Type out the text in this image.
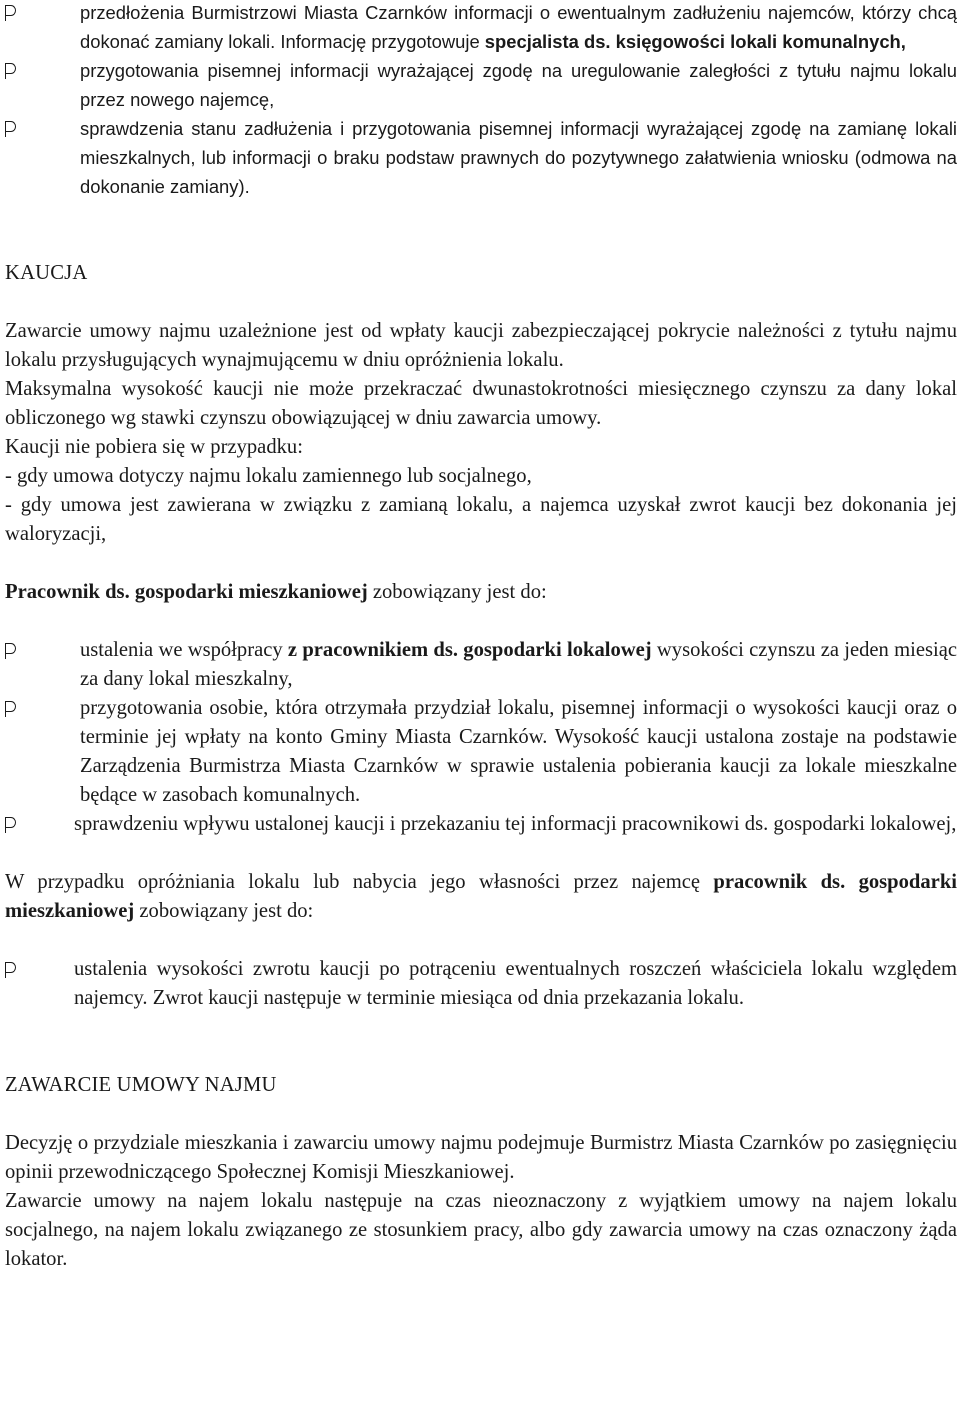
przedłożenia Burmistrzowi Miasta Czarnków informacji o ewentualnym zadłużeniu najemców, którzy chcą dokonać zamiany lokali. Informację przygotowuje specjalista ds. księgowości lokali komunalnych,
przygotowania pisemnej informacji wyrażającej zgodę na uregulowanie zaległości z tytułu najmu lokalu przez nowego najemcę,
sprawdzenia stanu zadłużenia i przygotowania pisemnej informacji wyrażającej zgodę na zamianę lokali mieszkalnych, lub informacji o braku podstaw prawnych do pozytywnego załatwienia wniosku (odmowa na dokonanie zamiany).

KAUCJA

Zawarcie umowy najmu uzależnione jest od wpłaty kaucji zabezpieczającej pokrycie należności z tytułu najmu lokalu przysługujących wynajmującemu w dniu opróżnienia lokalu.

Maksymalna wysokość kaucji nie może przekraczać dwunastokrotności miesięcznego czynszu za dany lokal obliczonego wg stawki czynszu obowiązującej w dniu zawarcia umowy.

Kaucji nie pobiera się w przypadku:

- gdy umowa dotyczy najmu lokalu zamiennego lub socjalnego,

- gdy umowa jest zawierana w związku z zamianą lokalu, a najemca uzyskał zwrot kaucji bez dokonania jej waloryzacji,

Pracownik ds. gospodarki mieszkaniowej zobowiązany jest do:

ustalenia we współpracy z pracownikiem ds. gospodarki lokalowej wysokości czynszu za jeden miesiąc za dany lokal mieszkalny,
przygotowania osobie, która otrzymała przydział lokalu, pisemnej informacji o wysokości kaucji oraz o terminie jej wpłaty na konto Gminy Miasta Czarnków. Wysokość kaucji ustalona zostaje na podstawie Zarządzenia Burmistrza Miasta Czarnków w sprawie ustalenia pobierania kaucji za lokale mieszkalne będące w zasobach komunalnych.
sprawdzeniu wpływu ustalonej kaucji i przekazaniu tej informacji pracownikowi ds. gospodarki lokalowej,

W przypadku opróżniania lokalu lub nabycia jego własności przez najemcę pracownik ds. gospodarki mieszkaniowej zobowiązany jest do:

ustalenia wysokości zwrotu kaucji po potrąceniu ewentualnych roszczeń właściciela lokalu względem najemcy. Zwrot kaucji następuje w terminie miesiąca od dnia przekazania lokalu.

ZAWARCIE UMOWY NAJMU

Decyzję o przydziale mieszkania i zawarciu umowy najmu podejmuje Burmistrz Miasta Czarnków po zasięgnięciu opinii przewodniczącego Społecznej Komisji Mieszkaniowej.

Zawarcie umowy na najem lokalu następuje na czas nieoznaczony z wyjątkiem umowy na najem lokalu socjalnego, na najem lokalu związanego ze stosunkiem pracy, albo gdy zawarcia umowy na czas oznaczony żąda lokator.
